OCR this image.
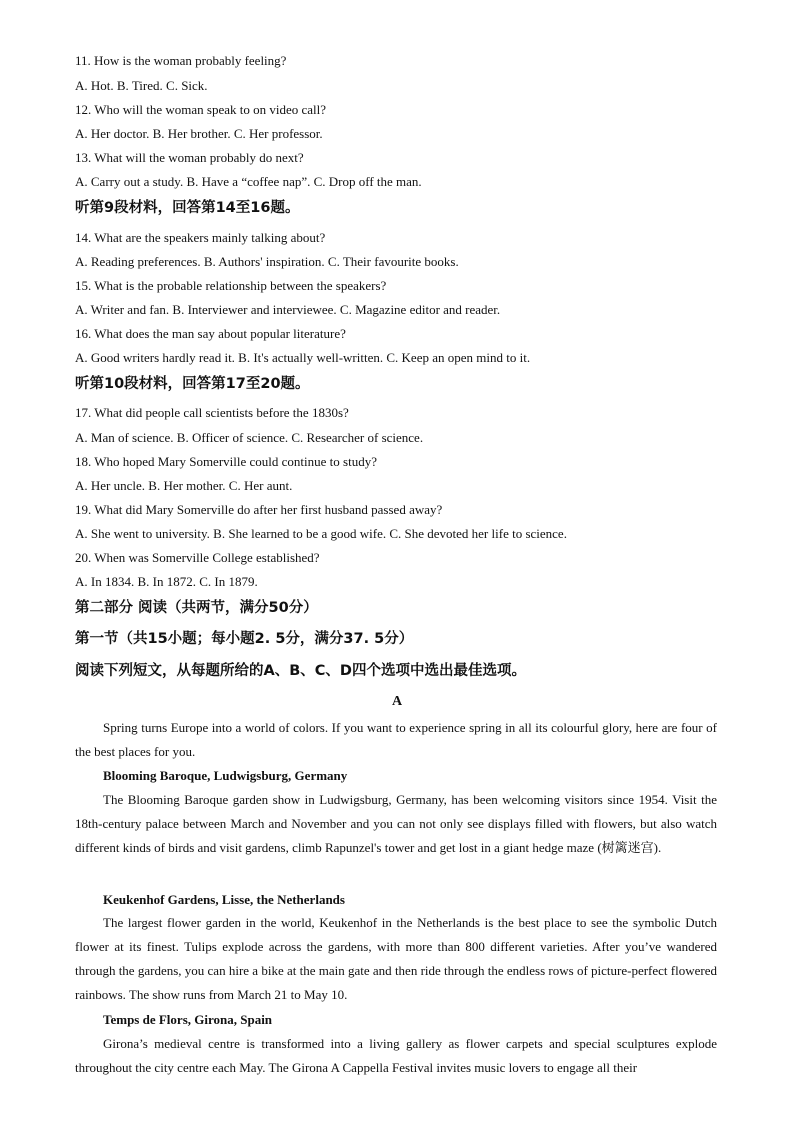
11. How is the woman probably feeling?
A. Hot. B. Tired. C. Sick.
12. Who will the woman speak to on video call?
A. Her doctor. B. Her brother. C. Her professor.
13. What will the woman probably do next?
A. Carry out a study. B. Have a “coffee nap”. C. Drop off the man.
听第9段材料，回答第14至16题。
14. What are the speakers mainly talking about?
A. Reading preferences. B. Authors' inspiration. C. Their favourite books.
15. What is the probable relationship between the speakers?
A. Writer and fan. B. Interviewer and interviewee. C. Magazine editor and reader.
16. What does the man say about popular literature?
A. Good writers hardly read it. B. It's actually well-written. C. Keep an open mind to it.
听第10段材料，回答第17至20题。
17. What did people call scientists before the 1830s?
A. Man of science. B. Officer of science. C. Researcher of science.
18. Who hoped Mary Somerville could continue to study?
A. Her uncle. B. Her mother. C. Her aunt.
19. What did Mary Somerville do after her first husband passed away?
A. She went to university. B. She learned to be a good wife. C. She devoted her life to science.
20. When was Somerville College established?
A. In 1834. B. In 1872. C. In 1879.
第二部分 阅读（共两节，满分50分）
第一节（共15小题；每小题2. 5分，满分37. 5分）
阅读下列短文，从每题所给的A、B、C、D四个选项中选出最佳选项。
A
Spring turns Europe into a world of colors. If you want to experience spring in all its colourful glory, here are four of the best places for you.
Blooming Baroque, Ludwigsburg, Germany
The Blooming Baroque garden show in Ludwigsburg, Germany, has been welcoming visitors since 1954. Visit the 18th-century palace between March and November and you can not only see displays filled with flowers, but also watch different kinds of birds and visit gardens, climb Rapunzel's tower and get lost in a giant hedge maze (树篱迷宫).
Keukenhof Gardens, Lisse, the Netherlands
The largest flower garden in the world, Keukenhof in the Netherlands is the best place to see the symbolic Dutch flower at its finest. Tulips explode across the gardens, with more than 800 different varieties. After you’ve wandered through the gardens, you can hire a bike at the main gate and then ride through the endless rows of picture-perfect flowered rainbows. The show runs from March 21 to May 10.
Temps de Flors, Girona, Spain
Girona’s medieval centre is transformed into a living gallery as flower carpets and special sculptures explode throughout the city centre each May. The Girona A Cappella Festival invites music lovers to engage all their
